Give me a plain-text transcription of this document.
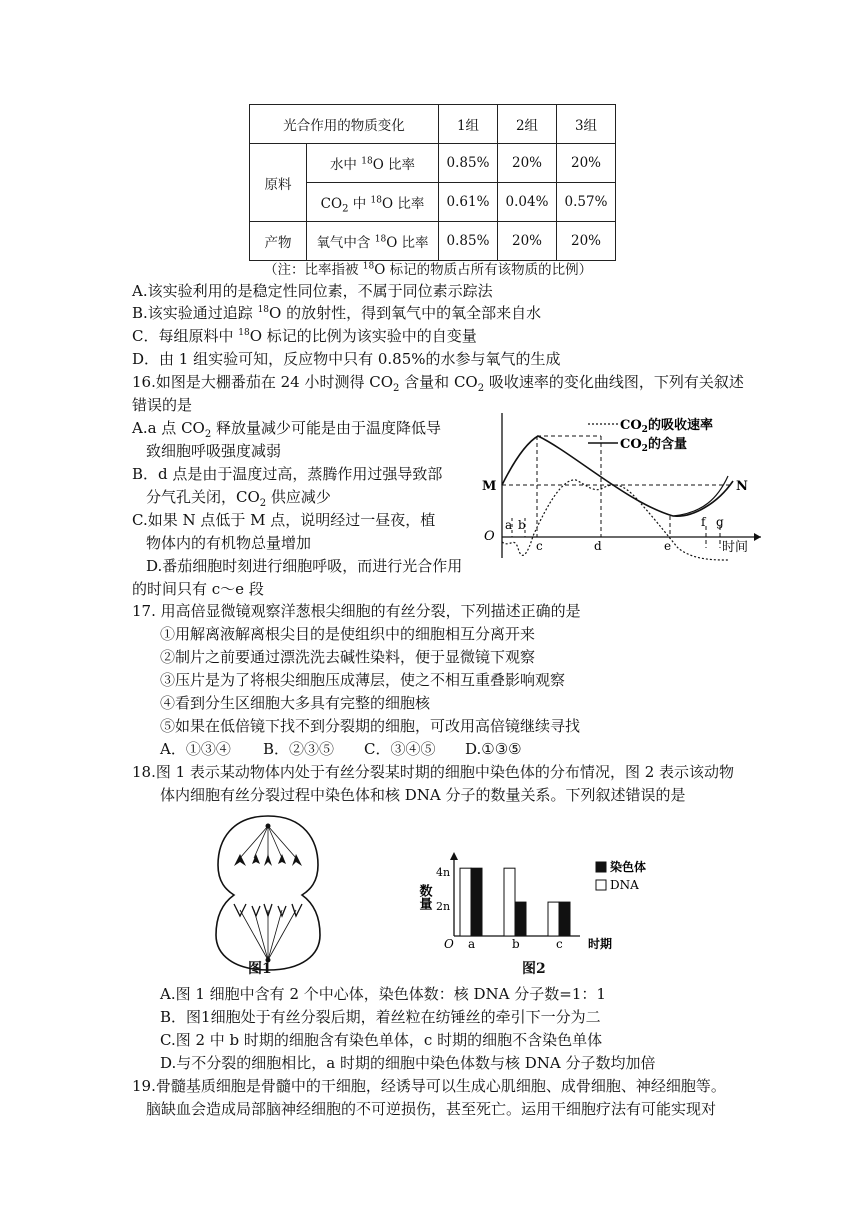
光合作用的物质变化		1组	2组	3组
原料	水中 $^{18}$O 比率	0.85%	20%	20%
	$CO_2$ 中 $^{18}$O 比率	0.61%	0.04%	0.57%
产物	氧气中含 $^{18}$O 比率	0.85%	20%	20%
（注：比率指被 $^{18}$O 标记的物质占所有该物质的比例）
A.该实验利用的是稳定性同位素，不属于同位素示踪法
B.该实验通过追踪 $^{18}$O 的放射性，得到氧气中的氧全部来自水
C．每组原料中 $^{18}$O 标记的比例为该实验中的自变量
D．由 1 组实验可知，反应物中只有 0.85%的水参与氧气的生成
16.如图是大棚番茄在 24 小时测得 $CO_2$ 含量和 $CO_2$ 吸收速率的变化曲线图，下列有关叙述
错误的是
A.a 点 $CO_2$ 释放量减少可能是由于温度降低导
致细胞呼吸强度减弱
B．d 点是由于温度过高，蒸腾作用过强导致部
分气孔关闭，$CO_2$ 供应减少
C.如果 N 点低于 M 点，说明经过一昼夜，植
物体内的有机物总量增加
D.番茄细胞时刻进行细胞呼吸，而进行光合作用
的时间只有 c～e 段
$CO_2$的吸收速率
$CO_2$的含量
M	N
O
a b
c	d	e
f g
时间
17. 用高倍显微镜观察洋葱根尖细胞的有丝分裂，下列描述正确的是
①用解离液解离根尖目的是使组织中的细胞相互分离开来
②制片之前要通过漂洗洗去碱性染料，便于显微镜下观察
③压片是为了将根尖细胞压成薄层，使之不相互重叠影响观察
④看到分生区细胞大多具有完整的细胞核
⑤如果在低倍镜下找不到分裂期的细胞，可改用高倍镜继续寻找
A．①③④ B．②③⑤ C．③④⑤ D.①③⑤
18.图 1 表示某动物体内处于有丝分裂某时期的细胞中染色体的分布情况，图 2 表示该动物
体内细胞有丝分裂过程中染色体和核 DNA 分子的数量关系。下列叙述错误的是
图1
a	b	c
4n
2n
数量
O	时期
染色体
DNA
图2
A.图 1 细胞中含有 2 个中心体，染色体数：核 DNA 分子数=1：1
B．图1细胞处于有丝分裂后期，着丝粒在纺锤丝的牵引下一分为二
C.图 2 中 b 时期的细胞含有染色单体，c 时期的细胞不含染色单体
D.与不分裂的细胞相比，a 时期的细胞中染色体数与核 DNA 分子数均加倍
19.骨髓基质细胞是骨髓中的干细胞，经诱导可以生成心肌细胞、成骨细胞、神经细胞等。
脑缺血会造成局部脑神经细胞的不可逆损伤，甚至死亡。运用干细胞疗法有可能实现对
